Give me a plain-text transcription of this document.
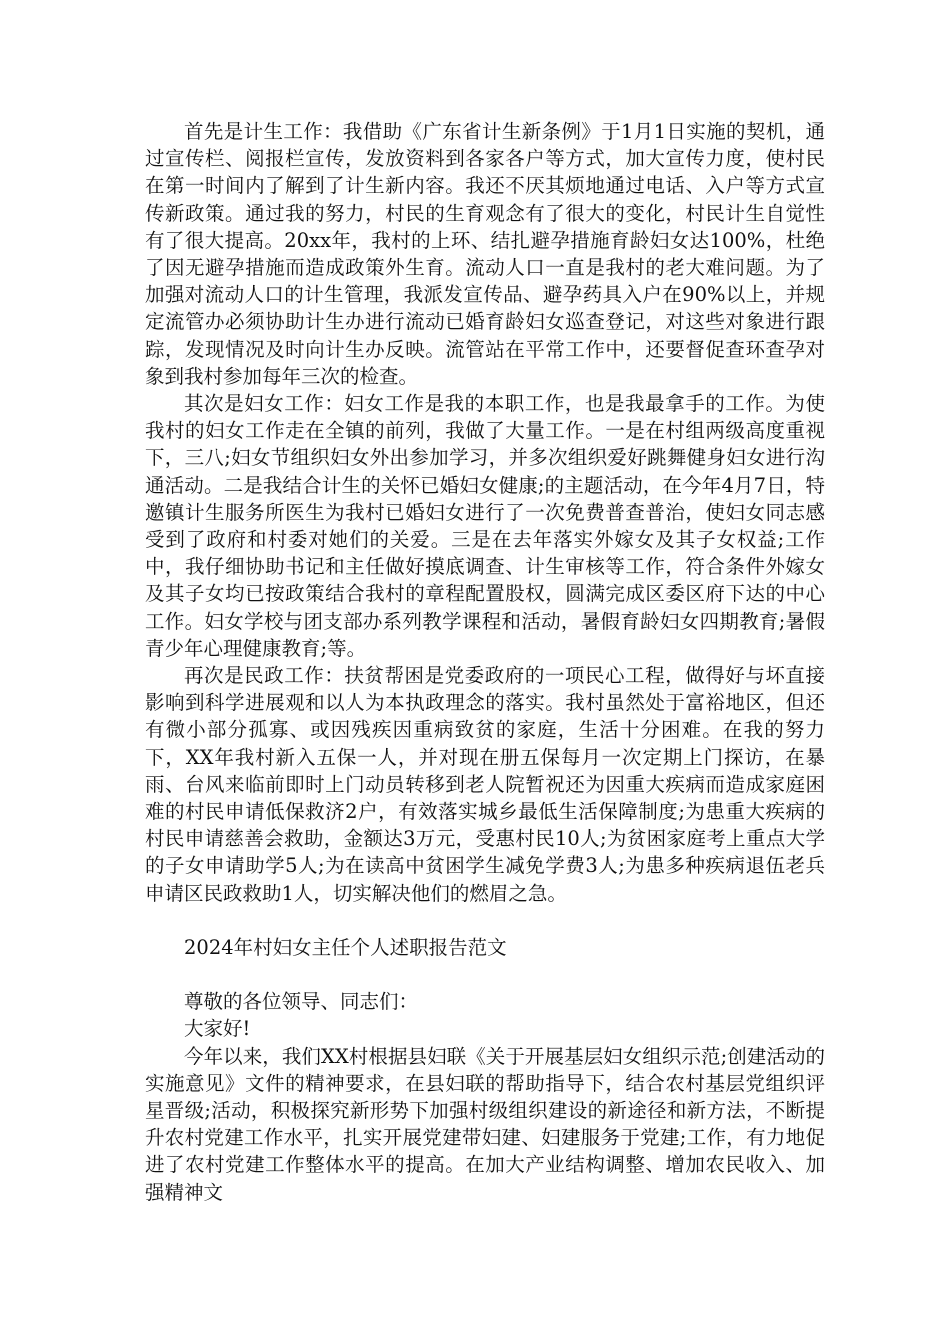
首先是计生工作：我借助《广东省计生新条例》于1月1日实施的契机，通过宣传栏、阅报栏宣传，发放资料到各家各户等方式，加大宣传力度，使村民在第一时间内了解到了计生新内容。我还不厌其烦地通过电话、入户等方式宣传新政策。通过我的努力，村民的生育观念有了很大的变化，村民计生自觉性有了很大提高。20xx年，我村的上环、结扎避孕措施育龄妇女达100%，杜绝了因无避孕措施而造成政策外生育。流动人口一直是我村的老大难问题。为了加强对流动人口的计生管理，我派发宣传品、避孕药具入户在90%以上，并规定流管办必须协助计生办进行流动已婚育龄妇女巡查登记，对这些对象进行跟踪，发现情况及时向计生办反映。流管站在平常工作中，还要督促查环查孕对象到我村参加每年三次的检查。

其次是妇女工作：妇女工作是我的本职工作，也是我最拿手的工作。为使我村的妇女工作走在全镇的前列，我做了大量工作。一是在村组两级高度重视下，三八;妇女节组织妇女外出参加学习，并多次组织爱好跳舞健身妇女进行沟通活动。二是我结合计生的关怀已婚妇女健康;的主题活动，在今年4月7日，特邀镇计生服务所医生为我村已婚妇女进行了一次免费普查普治，使妇女同志感受到了政府和村委对她们的关爱。三是在去年落实外嫁女及其子女权益;工作中，我仔细协助书记和主任做好摸底调查、计生审核等工作，符合条件外嫁女及其子女均已按政策结合我村的章程配置股权，圆满完成区委区府下达的中心工作。妇女学校与团支部办系列教学课程和活动，暑假育龄妇女四期教育;暑假青少年心理健康教育;等。

再次是民政工作：扶贫帮困是党委政府的一项民心工程，做得好与坏直接影响到科学进展观和以人为本执政理念的落实。我村虽然处于富裕地区，但还有微小部分孤寡、或因残疾因重病致贫的家庭，生活十分困难。在我的努力下，XX年我村新入五保一人，并对现在册五保每月一次定期上门探访，在暴雨、台风来临前即时上门动员转移到老人院暂祝还为因重大疾病而造成家庭困难的村民申请低保救济2户，有效落实城乡最低生活保障制度;为患重大疾病的村民申请慈善会救助，金额达3万元，受惠村民10人;为贫困家庭考上重点大学的子女申请助学5人;为在读高中贫困学生减免学费3人;为患多种疾病退伍老兵申请区民政救助1人，切实解决他们的燃眉之急。

2024年村妇女主任个人述职报告范文

尊敬的各位领导、同志们：

大家好!

今年以来，我们XX村根据县妇联《关于开展基层妇女组织示范;创建活动的实施意见》文件的精神要求，在县妇联的帮助指导下，结合农村基层党组织评星晋级;活动，积极探究新形势下加强村级组织建设的新途径和新方法，不断提升农村党建工作水平，扎实开展党建带妇建、妇建服务于党建;工作，有力地促进了农村党建工作整体水平的提高。在加大产业结构调整、增加农民收入、加强精神文
